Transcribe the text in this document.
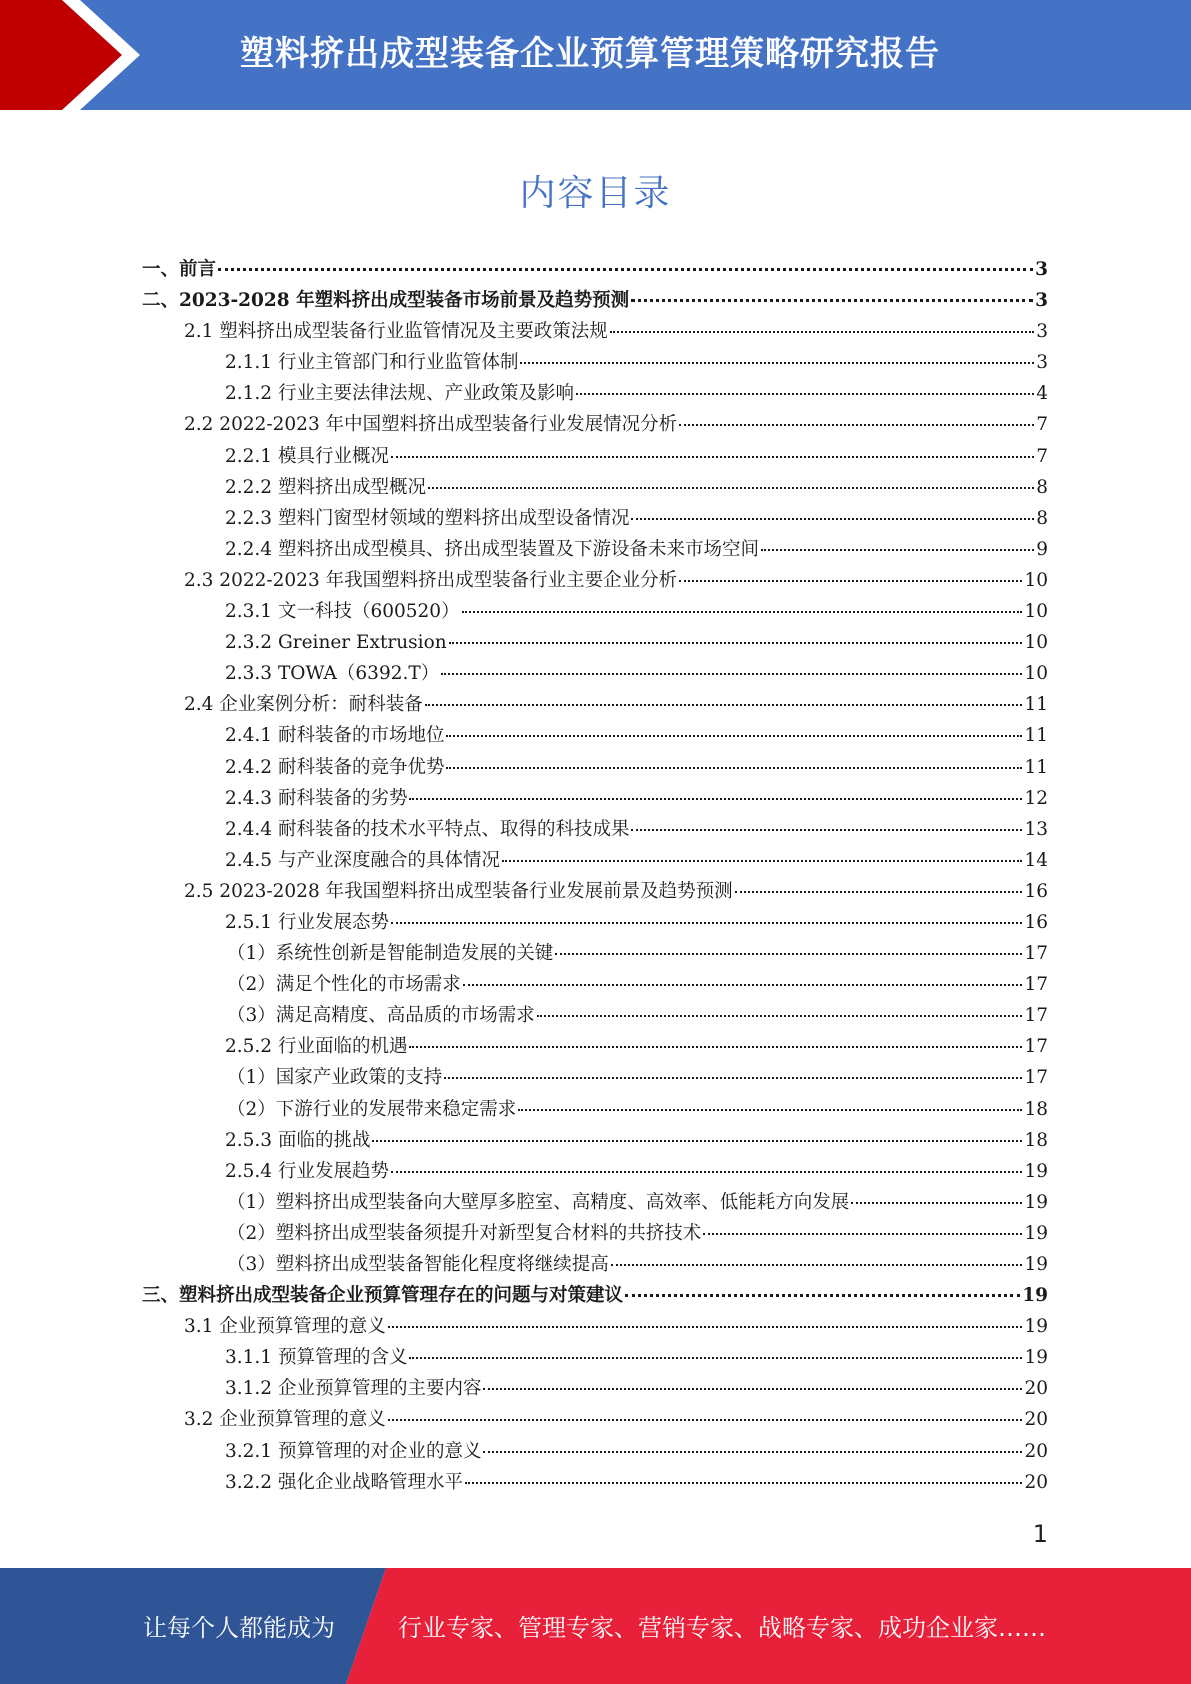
塑料挤出成型装备企业预算管理策略研究报告
内容目录
一、前言	3
二、2023-2028 年塑料挤出成型装备市场前景及趋势预测	3
2.1 塑料挤出成型装备行业监管情况及主要政策法规	3
2.1.1 行业主管部门和行业监管体制	3
2.1.2 行业主要法律法规、产业政策及影响	4
2.2 2022-2023 年中国塑料挤出成型装备行业发展情况分析	7
2.2.1 模具行业概况	7
2.2.2 塑料挤出成型概况	8
2.2.3 塑料门窗型材领域的塑料挤出成型设备情况	8
2.2.4 塑料挤出成型模具、挤出成型装置及下游设备未来市场空间	9
2.3 2022-2023 年我国塑料挤出成型装备行业主要企业分析	10
2.3.1 文一科技（600520）	10
2.3.2 Greiner Extrusion	10
2.3.3 TOWA（6392.T）	10
2.4 企业案例分析：耐科装备	11
2.4.1 耐科装备的市场地位	11
2.4.2 耐科装备的竞争优势	11
2.4.3 耐科装备的劣势	12
2.4.4 耐科装备的技术水平特点、取得的科技成果	13
2.4.5 与产业深度融合的具体情况	14
2.5 2023-2028 年我国塑料挤出成型装备行业发展前景及趋势预测	16
2.5.1 行业发展态势	16
（1）系统性创新是智能制造发展的关键	17
（2）满足个性化的市场需求	17
（3）满足高精度、高品质的市场需求	17
2.5.2 行业面临的机遇	17
（1）国家产业政策的支持	17
（2）下游行业的发展带来稳定需求	18
2.5.3 面临的挑战	18
2.5.4 行业发展趋势	19
（1）塑料挤出成型装备向大壁厚多腔室、高精度、高效率、低能耗方向发展	19
（2）塑料挤出成型装备须提升对新型复合材料的共挤技术	19
（3）塑料挤出成型装备智能化程度将继续提高	19
三、塑料挤出成型装备企业预算管理存在的问题与对策建议	19
3.1 企业预算管理的意义	19
3.1.1 预算管理的含义	19
3.1.2 企业预算管理的主要内容	20
3.2 企业预算管理的意义	20
3.2.1 预算管理的对企业的意义	20
3.2.2 强化企业战略管理水平	20
1
让每个人都能成为	行业专家、管理专家、营销专家、战略专家、成功企业家……
